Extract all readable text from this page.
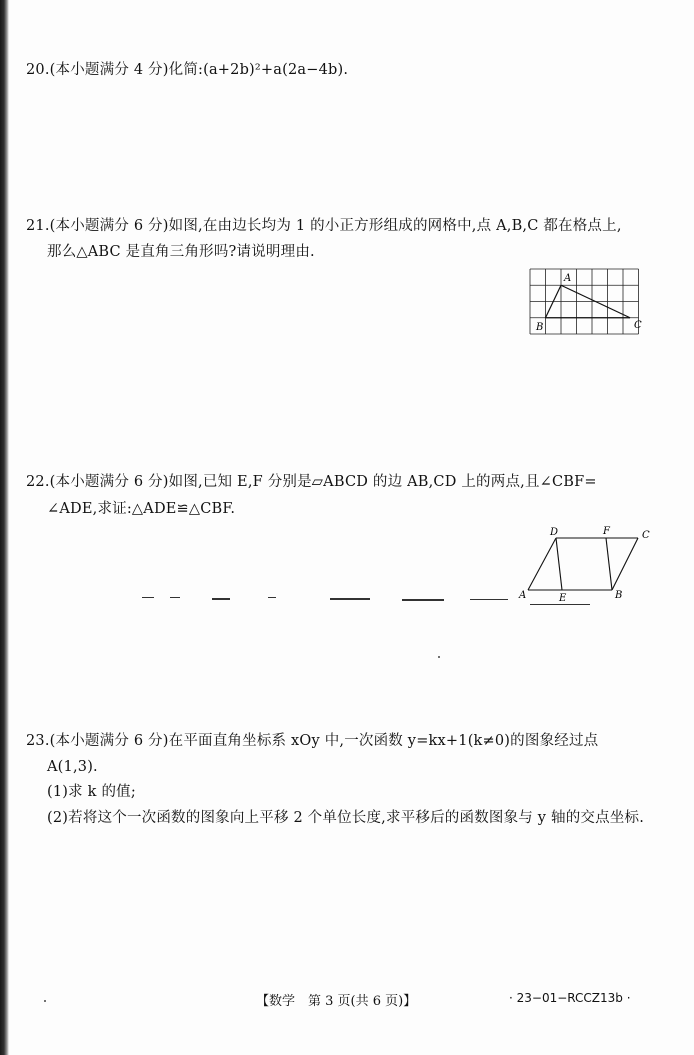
20.(本小题满分 4 分)化简:(a+2b)²+a(2a−4b).
21.(本小题满分 6 分)如图,在由边长均为 1 的小正方形组成的网格中,点 A,B,C 都在格点上,
那么△ABC 是直角三角形吗?请说明理由.
A
B	C
22.(本小题满分 6 分)如图,已知 E,F 分别是▱ABCD 的边 AB,CD 上的两点,且∠CBF=
∠ADE,求证:△ADE≌△CBF.
D	F	C
A	E	B
23.(本小题满分 6 分)在平面直角坐标系 xOy 中,一次函数 y=kx+1(k≠0)的图象经过点
A(1,3).
(1)求 k 的值;
(2)若将这个一次函数的图象向上平移 2 个单位长度,求平移后的函数图象与 y 轴的交点坐标.
【数学　第 3 页(共 6 页)】	· 23−01−RCCZ13b ·
